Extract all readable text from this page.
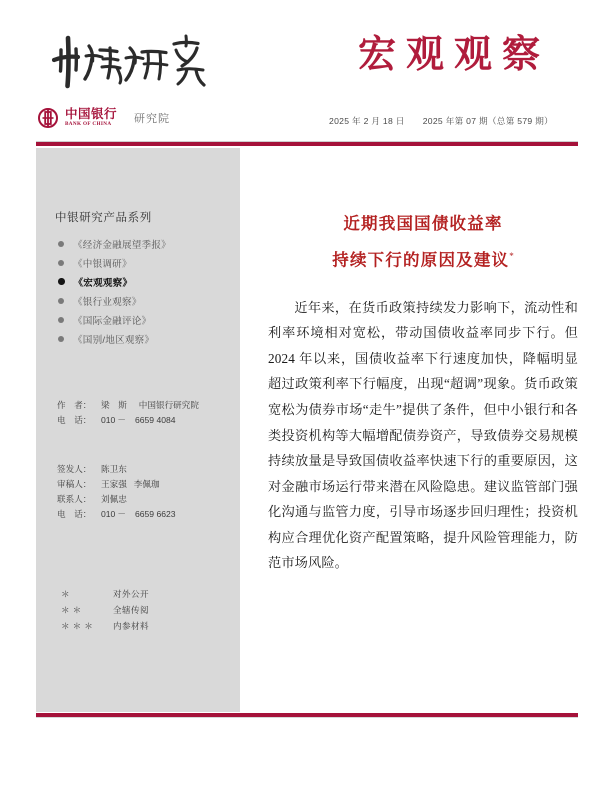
中国银行
BANK OF CHINA	研究院
宏观观察
2025 年 2 月 18 日 2025 年第 07 期（总第 579 期）
中银研究产品系列
《经济金融展望季报》
《中银调研》
《宏观观察》
《银行业观察》
《国际金融评论》
《国别/地区观察》
作　者： 梁　斯 中国银行研究院
电　话： 010 － 6659 4084
签发人： 陈卫东
审稿人： 王家强 李佩珈
联系人： 刘佩忠
电　话： 010 － 6659 6623
＊	对外公开
＊＊	全辖传阅
＊＊＊	内参材料
近期我国国债收益率
持续下行的原因及建议*

近年来，在货币政策持续发力影响下，流动性和利率环境相对宽松，带动国债收益率同步下行。但 2024 年以来，国债收益率下行速度加快，降幅明显超过政策利率下行幅度，出现“超调”现象。货币政策宽松为债券市场“走牛”提供了条件，但中小银行和各类投资机构等大幅增配债券资产，导致债券交易规模持续放量是导致国债收益率快速下行的重要原因，这对金融市场运行带来潜在风险隐患。建议监管部门强化沟通与监管力度，引导市场逐步回归理性；投资机构应合理优化资产配置策略，提升风险管理能力，防范市场风险。
